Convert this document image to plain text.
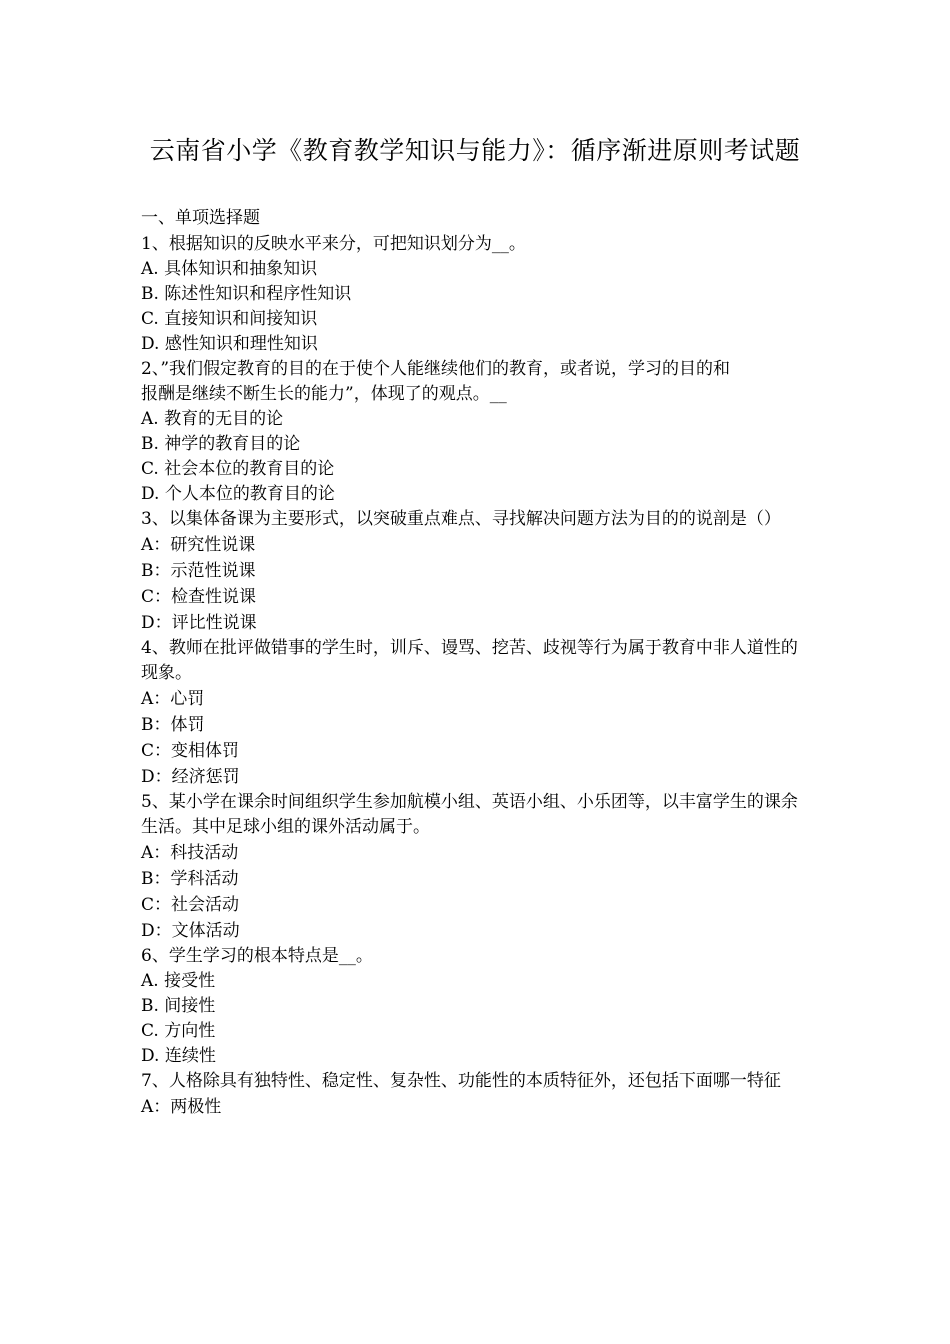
云南省小学《教育教学知识与能力》：循序渐进原则考试题

一、单项选择题

1、根据知识的反映水平来分，可把知识划分为__。

A. 具体知识和抽象知识

B. 陈述性知识和程序性知识

C. 直接知识和间接知识

D. 感性知识和理性知识

2、”我们假定教育的目的在于使个人能继续他们的教育，或者说，学习的目的和

报酬是继续不断生长的能力”，体现了的观点。__

A. 教育的无目的论

B. 神学的教育目的论

C. 社会本位的教育目的论

D. 个人本位的教育目的论

3、以集体备课为主要形式，以突破重点难点、寻找解决问题方法为目的的说剖是（）

A：研究性说课

B：示范性说课

C：检查性说课

D：评比性说课

4、教师在批评做错事的学生时，训斥、谩骂、挖苦、歧视等行为属于教育中非人道性的现象。

A：心罚

B：体罚

C：变相体罚

D：经济惩罚

5、某小学在课余时间组织学生参加航模小组、英语小组、小乐团等，以丰富学生的课余生活。其中足球小组的课外活动属于。

A：科技活动

B：学科活动

C：社会活动

D：文体活动

6、学生学习的根本特点是__。

A. 接受性

B. 间接性

C. 方向性

D. 连续性

7、人格除具有独特性、稳定性、复杂性、功能性的本质特征外，还包括下面哪一特征

A：两极性
